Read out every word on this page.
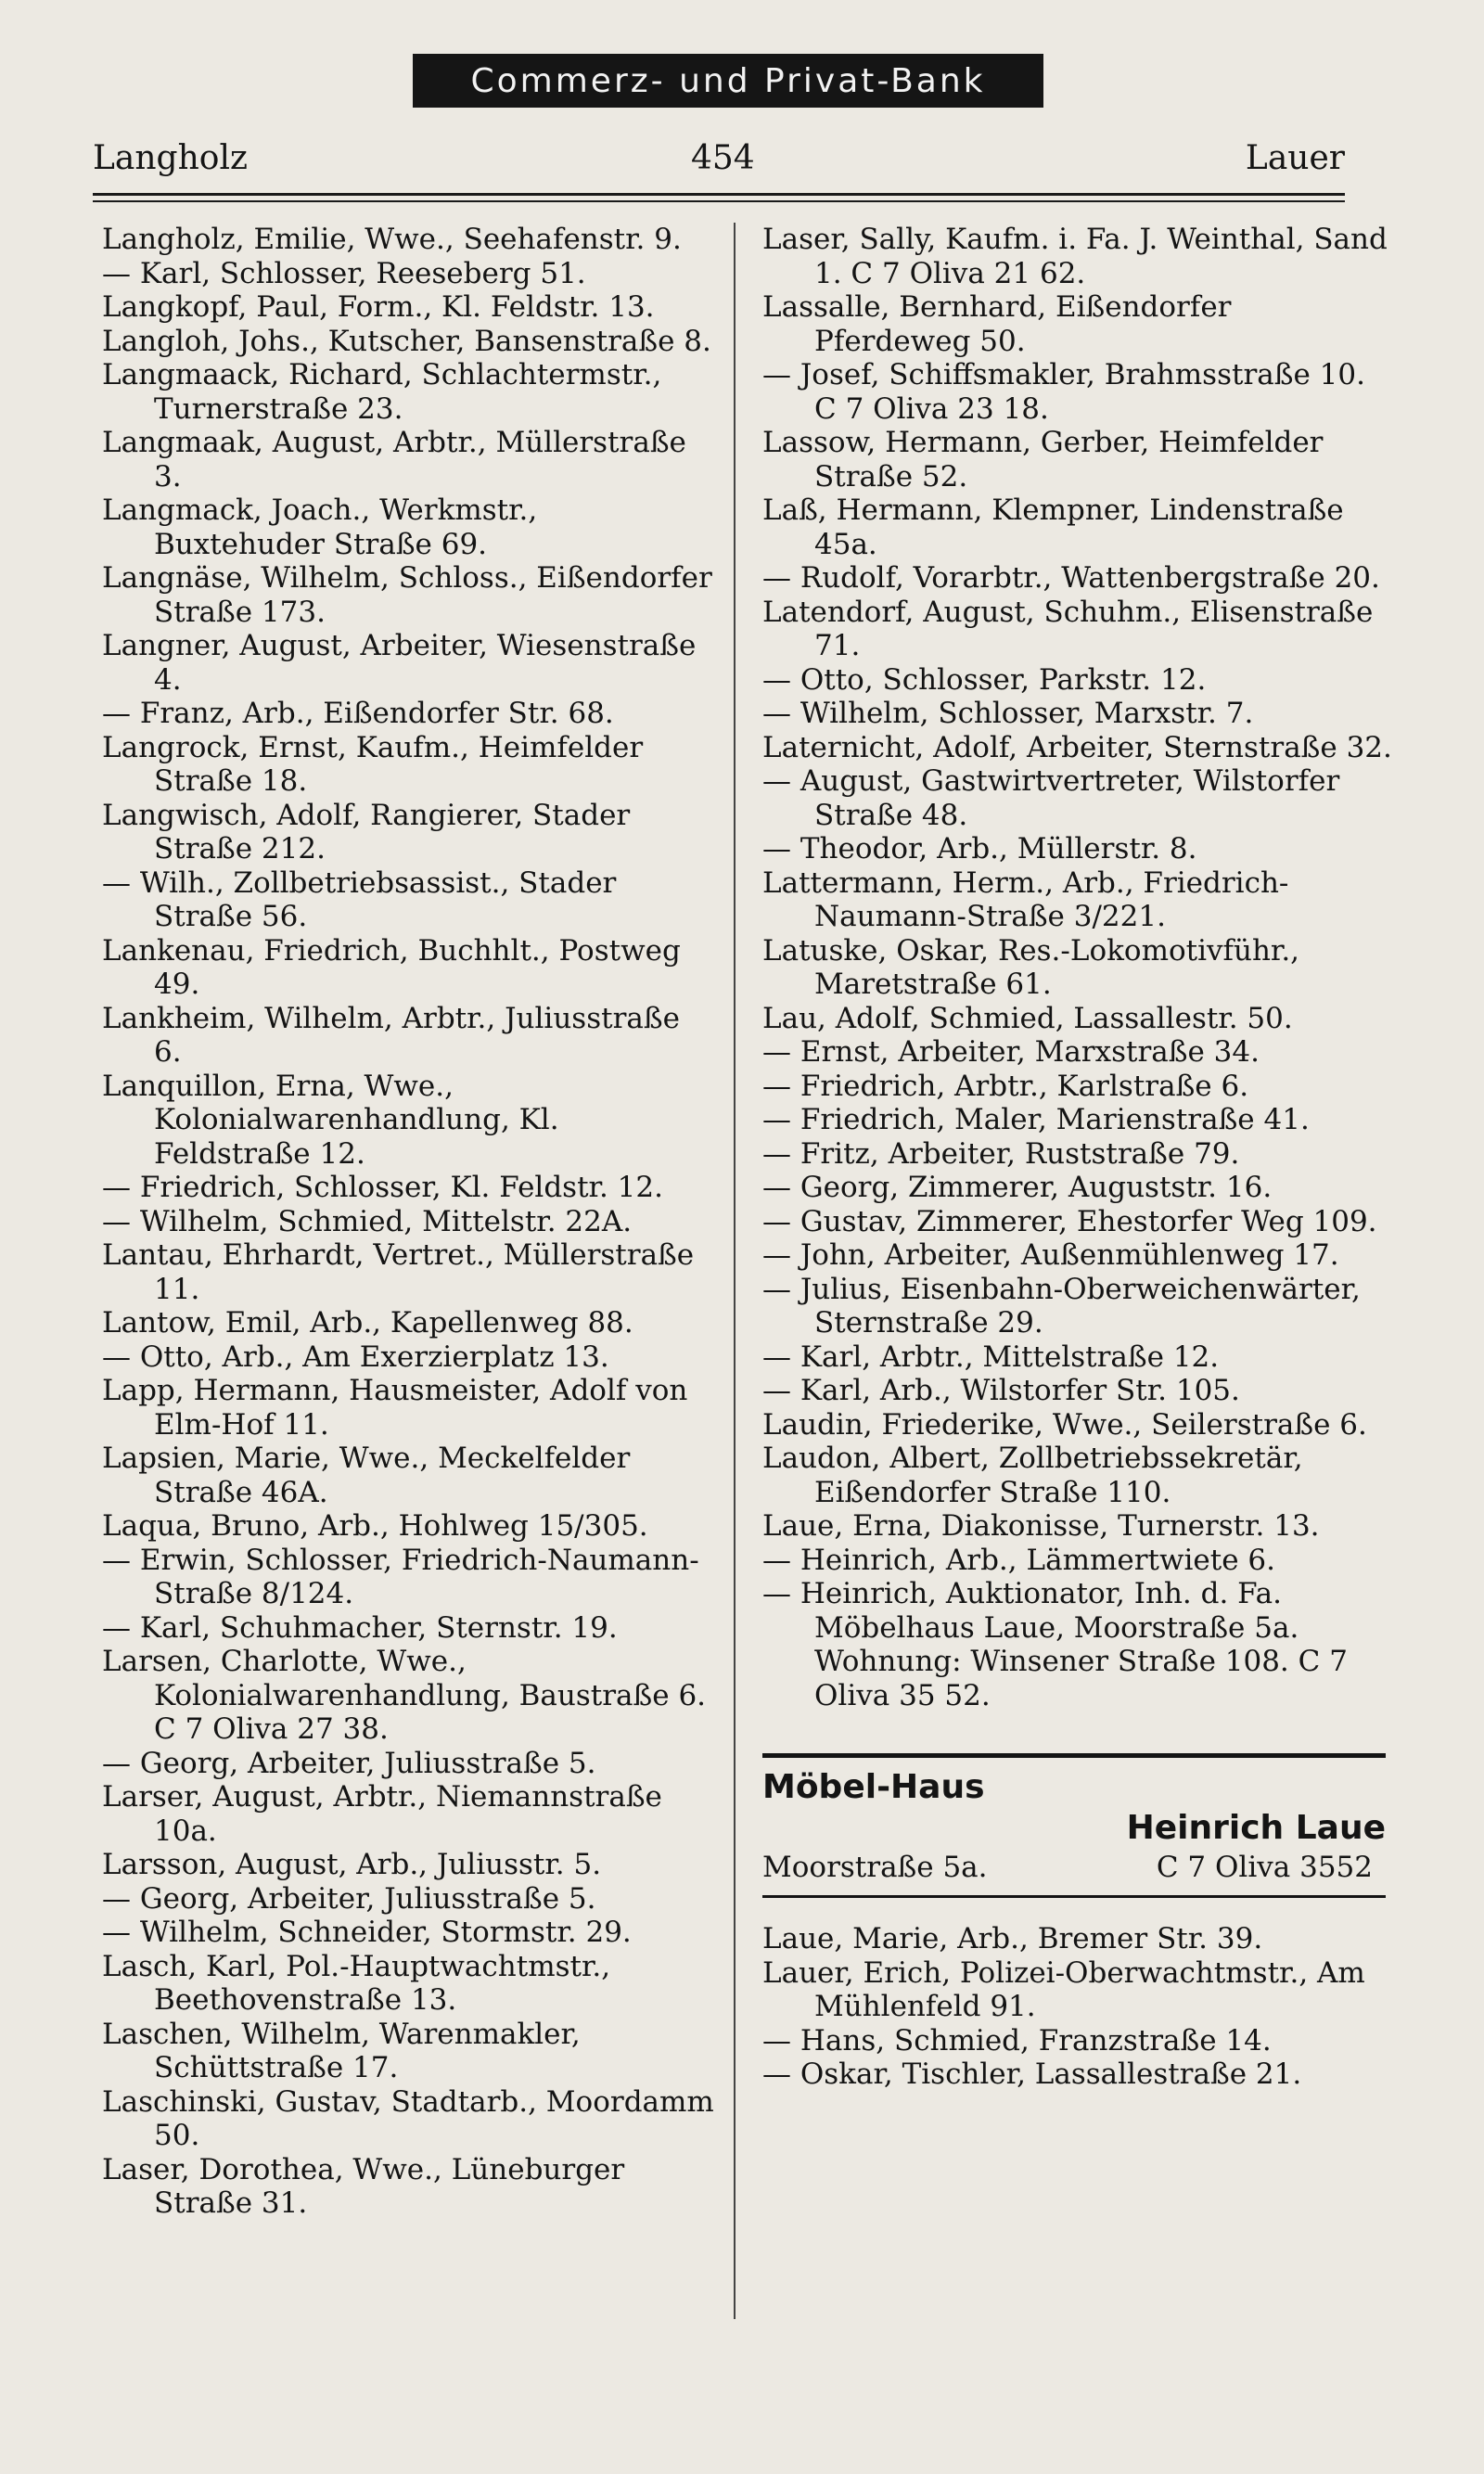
Commerz- und Privat-Bank
Langholz	454	Lauer

Langholz, Emilie, Wwe., Seehafenstr. 9.

— Karl, Schlosser, Reeseberg 51.

Langkopf, Paul, Form., Kl. Feldstr. 13.

Langloh, Johs., Kutscher, Bansenstraße 8.

Langmaack, Richard, Schlachtermstr., Turnerstraße 23.

Langmaak, August, Arbtr., Müllerstraße 3.

Langmack, Joach., Werkmstr., Buxtehuder Straße 69.

Langnäse, Wilhelm, Schloss., Eißendorfer Straße 173.

Langner, August, Arbeiter, Wiesenstraße 4.

— Franz, Arb., Eißendorfer Str. 68.

Langrock, Ernst, Kaufm., Heimfelder Straße 18.

Langwisch, Adolf, Rangierer, Stader Straße 212.

— Wilh., Zollbetriebsassist., Stader Straße 56.

Lankenau, Friedrich, Buchhlt., Postweg 49.

Lankheim, Wilhelm, Arbtr., Juliusstraße 6.

Lanquillon, Erna, Wwe., Kolonialwarenhandlung, Kl. Feldstraße 12.

— Friedrich, Schlosser, Kl. Feldstr. 12.

— Wilhelm, Schmied, Mittelstr. 22A.

Lantau, Ehrhardt, Vertret., Müllerstraße 11.

Lantow, Emil, Arb., Kapellenweg 88.

— Otto, Arb., Am Exerzierplatz 13.

Lapp, Hermann, Hausmeister, Adolf von Elm-Hof 11.

Lapsien, Marie, Wwe., Meckelfelder Straße 46A.

Laqua, Bruno, Arb., Hohlweg 15/305.

— Erwin, Schlosser, Friedrich-Naumann-Straße 8/124.

— Karl, Schuhmacher, Sternstr. 19.

Larsen, Charlotte, Wwe., Kolonialwarenhandlung, Baustraße 6. C 7 Oliva 27 38.

— Georg, Arbeiter, Juliusstraße 5.

Larser, August, Arbtr., Niemannstraße 10a.

Larsson, August, Arb., Juliusstr. 5.

— Georg, Arbeiter, Juliusstraße 5.

— Wilhelm, Schneider, Stormstr. 29.

Lasch, Karl, Pol.-Hauptwachtmstr., Beethovenstraße 13.

Laschen, Wilhelm, Warenmakler, Schüttstraße 17.

Laschinski, Gustav, Stadtarb., Moordamm 50.

Laser, Dorothea, Wwe., Lüneburger Straße 31.

Laser, Sally, Kaufm. i. Fa. J. Weinthal, Sand 1. C 7 Oliva 21 62.

Lassalle, Bernhard, Eißendorfer Pferdeweg 50.

— Josef, Schiffsmakler, Brahmsstraße 10. C 7 Oliva 23 18.

Lassow, Hermann, Gerber, Heimfelder Straße 52.

Laß, Hermann, Klempner, Lindenstraße 45a.

— Rudolf, Vorarbtr., Wattenbergstraße 20.

Latendorf, August, Schuhm., Elisenstraße 71.

— Otto, Schlosser, Parkstr. 12.

— Wilhelm, Schlosser, Marxstr. 7.

Laternicht, Adolf, Arbeiter, Sternstraße 32.

— August, Gastwirtvertreter, Wilstorfer Straße 48.

— Theodor, Arb., Müllerstr. 8.

Lattermann, Herm., Arb., Friedrich-Naumann-Straße 3/221.

Latuske, Oskar, Res.-Lokomotivführ., Maretstraße 61.

Lau, Adolf, Schmied, Lassallestr. 50.

— Ernst, Arbeiter, Marxstraße 34.

— Friedrich, Arbtr., Karlstraße 6.

— Friedrich, Maler, Marienstraße 41.

— Fritz, Arbeiter, Ruststraße 79.

— Georg, Zimmerer, Auguststr. 16.

— Gustav, Zimmerer, Ehestorfer Weg 109.

— John, Arbeiter, Außenmühlenweg 17.

— Julius, Eisenbahn-Oberweichenwärter, Sternstraße 29.

— Karl, Arbtr., Mittelstraße 12.

— Karl, Arb., Wilstorfer Str. 105.

Laudin, Friederike, Wwe., Seilerstraße 6.

Laudon, Albert, Zollbetriebssekretär, Eißendorfer Straße 110.

Laue, Erna, Diakonisse, Turnerstr. 13.

— Heinrich, Arb., Lämmertwiete 6.

— Heinrich, Auktionator, Inh. d. Fa. Möbelhaus Laue, Moorstraße 5a. Wohnung: Winsener Straße 108. C 7 Oliva 35 52.

Möbel-Haus
Heinrich Laue
Moorstraße 5a.	C 7 Oliva 3552

Laue, Marie, Arb., Bremer Str. 39.

Lauer, Erich, Polizei-Oberwachtmstr., Am Mühlenfeld 91.

— Hans, Schmied, Franzstraße 14.

— Oskar, Tischler, Lassallestraße 21.
